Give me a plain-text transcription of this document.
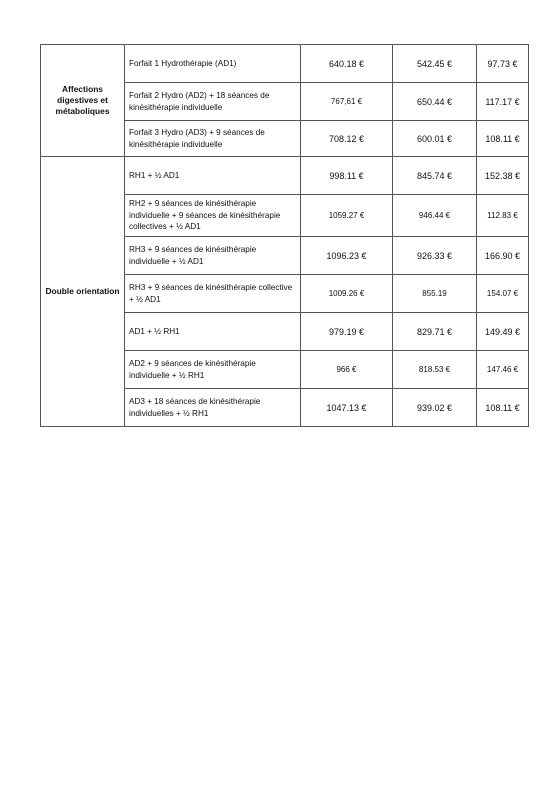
Affections digestives et métaboliques	Forfait 1 Hydrothérapie (AD1)	640.18 €	542.45 €	97.73 €
	Forfait 2 Hydro (AD2) + 18 séances de kinésithérapie individuelle	767,61 €	650.44 €	117.17 €
	Forfait 3 Hydro (AD3) + 9 séances de kinésithérapie individuelle	708.12 €	600.01 €	108.11 €
Double orientation	RH1 + ½ AD1	998.11 €	845.74 €	152.38 €
	RH2 + 9 séances de kinésithérapie individuelle + 9 séances de kinésithérapie collectives + ½ AD1	1059.27 €	946.44 €	112.83 €
	RH3 + 9 séances de kinésithérapie individuelle + ½ AD1	1096.23 €	926.33 €	166.90 €
	RH3 + 9 séances de kinésithérapie collective + ½ AD1	1009.26 €	855.19	154.07 €
	AD1 + ½ RH1	979.19 €	829.71 €	149.49 €
	AD2 + 9 séances de kinésithérapie individuelle + ½ RH1	966 €	818.53 €	147.46 €
	AD3 + 18 séances de kinésithérapie individuelles + ½ RH1	1047.13 €	939.02 €	108.11 €
